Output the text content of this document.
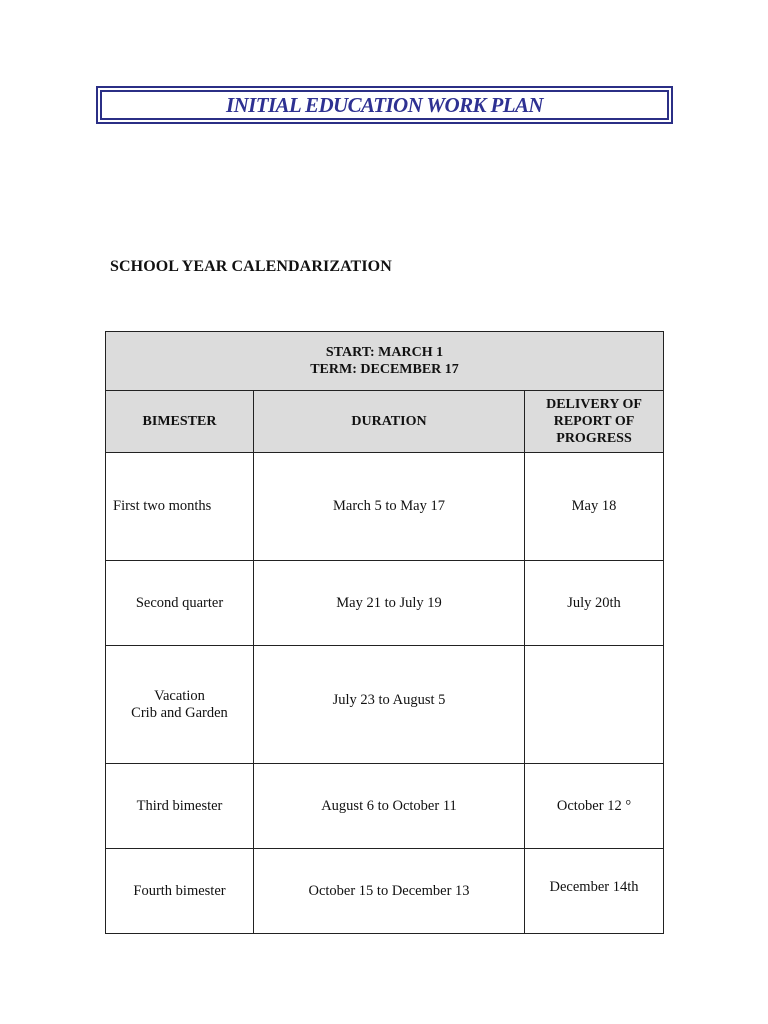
INITIAL EDUCATION WORK PLAN
SCHOOL YEAR CALENDARIZATION
START: MARCH 1
TERM: DECEMBER 17		

BIMESTER	DURATION	DELIVERY OF REPORT OF PROGRESS
First two months	March 5 to May 17	May 18
Second quarter	May 21 to July 19	July 20th

Vacation
Crib and Garden	July 23 to August 5	
Third bimester	August 6 to October 11	October 12 °
Fourth bimester	October 15 to December 13	December 14th
